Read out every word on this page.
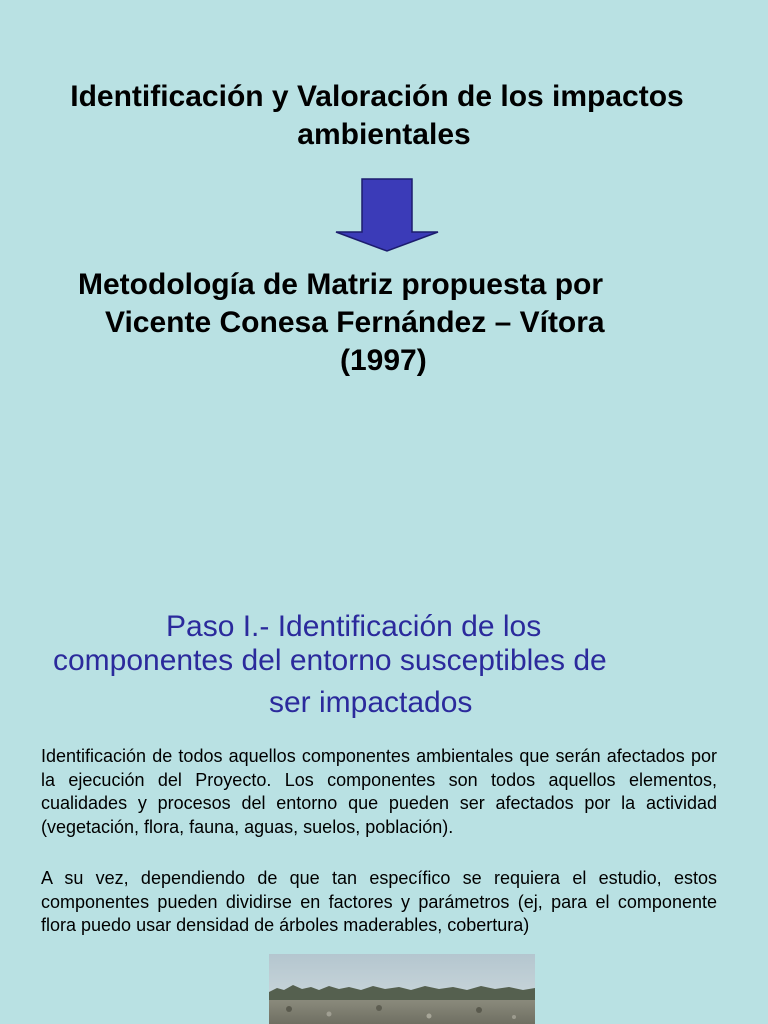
Identificación y Valoración de los impactos
ambientales
Metodología de Matriz propuesta por
Vicente Conesa Fernández – Vítora
(1997)
Paso I.- Identificación de los
componentes del entorno susceptibles de
ser impactados

Identificación de todos aquellos componentes ambientales que serán afectados por la ejecución del Proyecto. Los componentes son todos aquellos elementos, cualidades y procesos del entorno que pueden ser afectados por la actividad (vegetación, flora, fauna, aguas, suelos, población).

A su vez, dependiendo de que tan específico se requiera el estudio, estos componentes pueden dividirse en factores y parámetros (ej, para el componente flora puedo usar densidad de árboles maderables, cobertura)
